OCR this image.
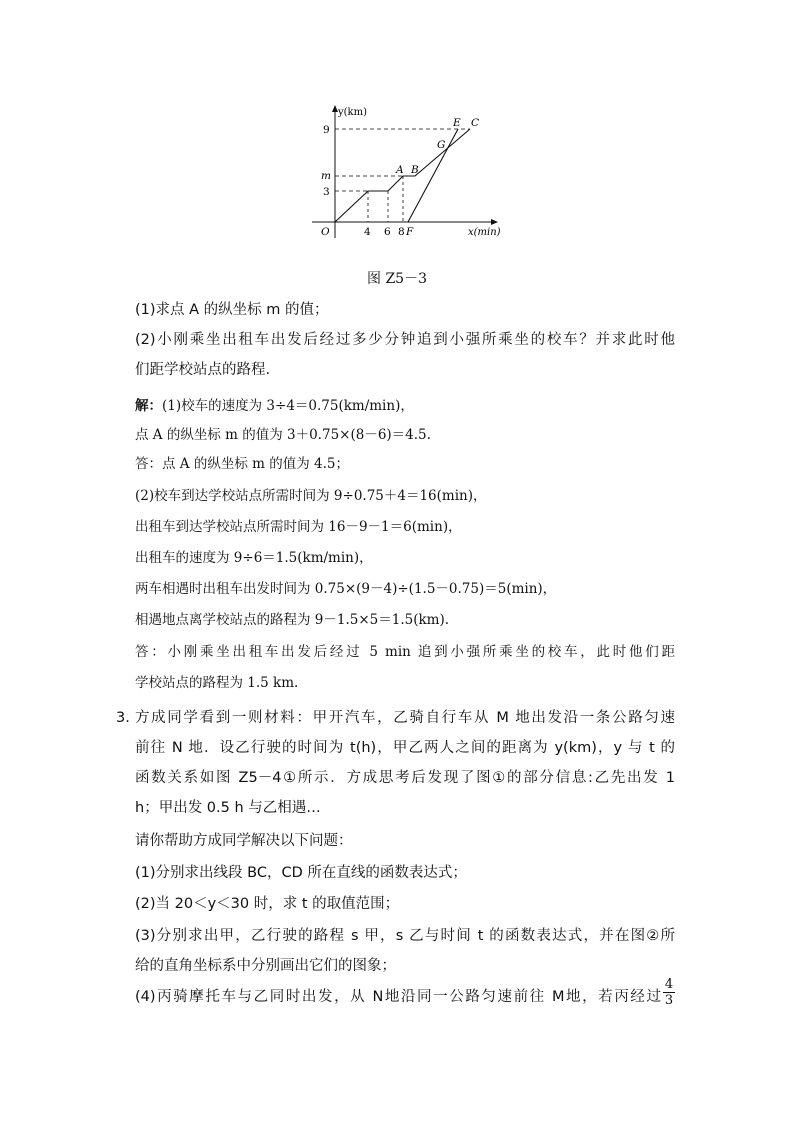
y(km)
x(min)
O
9
m
3
4 6 8
A B
E C
G
F
图 Z5－3
(1)求点 A 的纵坐标 m 的值；
(2)小刚乘坐出租车出发后经过多少分钟追到小强所乘坐的校车？并求此时他
们距学校站点的路程.
解：(1)校车的速度为 3÷4＝0.75(km/min)，
点 A 的纵坐标 m 的值为 3＋0.75×(8－6)＝4.5.
答：点 A 的纵坐标 m 的值为 4.5；
(2)校车到达学校站点所需时间为 9÷0.75＋4＝16(min)，
出租车到达学校站点所需时间为 16－9－1＝6(min)，
出租车的速度为 9÷6＝1.5(km/min)，
两车相遇时出租车出发时间为 0.75×(9－4)÷(1.5－0.75)＝5(min)，
相遇地点离学校站点的路程为 9－1.5×5＝1.5(km).
答：小刚乘坐出租车出发后经过 5 min 追到小强所乘坐的校车，此时他们距
学校站点的路程为 1.5 km.
3. 方成同学看到一则材料：甲开汽车，乙骑自行车从 M 地出发沿一条公路匀速
前往 N 地．设乙行驶的时间为 t(h)，甲乙两人之间的距离为 y(km)，y 与 t 的
函数关系如图 Z5－4①所示．方成思考后发现了图①的部分信息:乙先出发 1
h；甲出发 0.5 h 与乙相遇…
请你帮助方成同学解决以下问题：
(1)分别求出线段 BC，CD 所在直线的函数表达式；
(2)当 20＜y＜30 时，求 t 的取值范围；
(3)分别求出甲，乙行驶的路程 s 甲，s 乙与时间 t 的函数表达式，并在图②所
给的直角坐标系中分别画出它们的图象；
(4)丙骑摩托车与乙同时出发，从 N地沿同一公路匀速前往 M地，若丙经过 $\frac{4}{3}$
